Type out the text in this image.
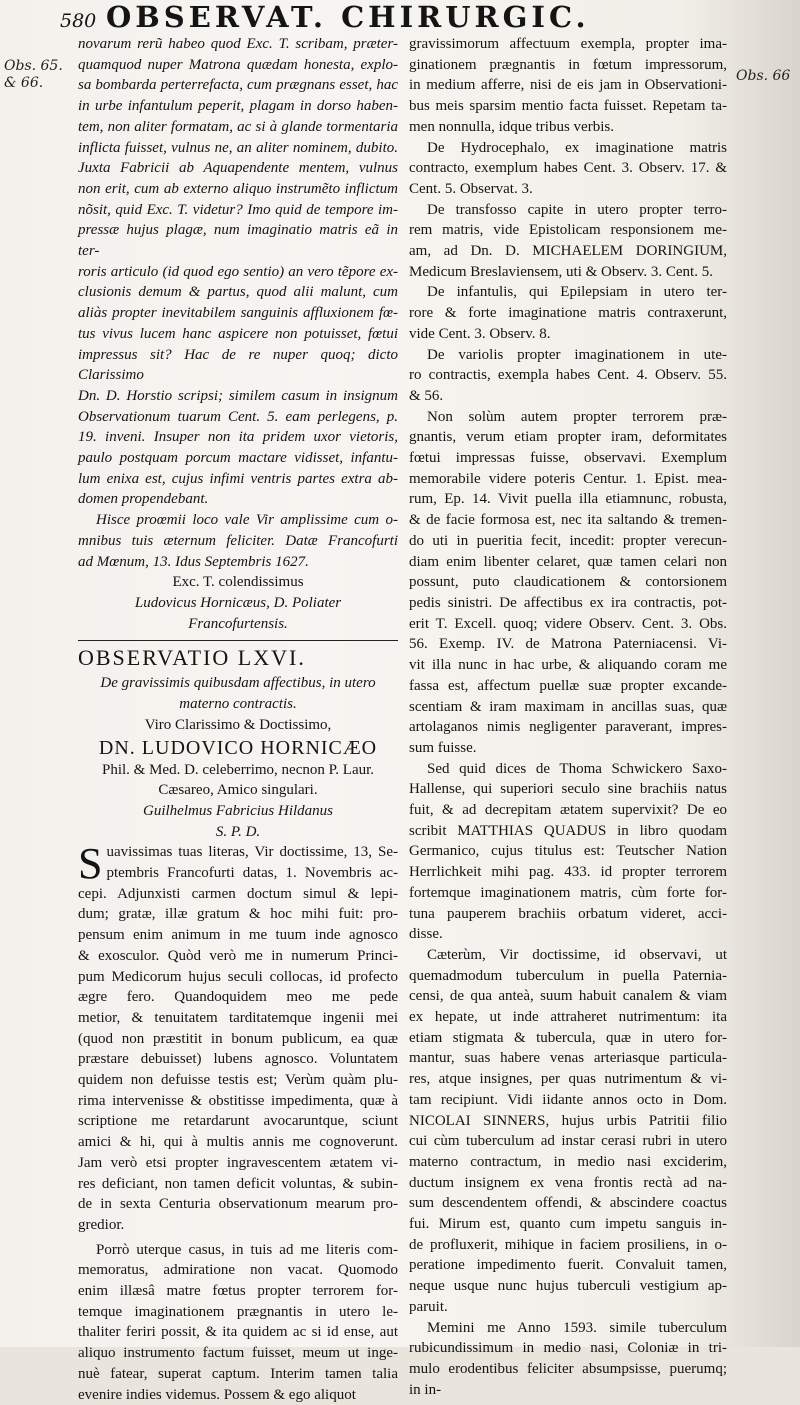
580 OBSERVAT. CHIRURGIC.
Obs. 65.
& 66.	Obs. 66

novarum rerũ habeo quod Exc. T. scribam, præter-

quamquod nuper Matrona quædam honesta, explo-

sa bombarda perterrefacta, cum prægnans esset, hac

in urbe infantulum peperit, plagam in dorso haben-

tem, non aliter formatam, ac si à glande tormentaria

inflicta fuisset, vulnus ne, an aliter nominem, dubito.

Juxta Fabricii ab Aquapendente mentem, vulnus

non erit, cum ab externo aliquo instrumẽto inflictum

nõsit, quid Exc. T. videtur? Imo quid de tempore im-

pressæ hujus plagæ, num imaginatio matris eã in ter-

roris articulo (id quod ego sentio) an vero tẽpore ex-

clusionis demum & partus, quod alii malunt, cum

aliàs propter inevitabilem sanguinis affluxionem fœ-

tus vivus lucem hanc aspicere non potuisset, fœtui

impressus sit? Hac de re nuper quoq; dicto Clarissimo

Dn. D. Horstio scripsi; similem casum in insignum

Observationum tuarum Cent. 5. eam perlegens, p.

19. inveni. Insuper non ita pridem uxor vietoris,

paulo postquam porcum mactare vidisset, infantu-

lum enixa est, cujus infimi ventris partes extra ab-

domen propendebant.

Hisce proœmii loco vale Vir amplissime cum o-

mnibus tuis æternum feliciter. Datæ Francofurti

ad Mœnum, 13. Idus Septembris 1627.

Exc. T. colendissimus

Ludovicus Hornicæus, D. Poliater

Francofurtensis.

OBSERVATIO LXVI.

De gravissimis quibusdam affectibus, in utero

materno contractis.

Viro Clarissimo & Doctissimo,

DN. LUDOVICO HORNICÆO

Phil. & Med. D. celeberrimo, necnon P. Laur.

Cæsareo, Amico singulari.

Guilhelmus Fabricius Hildanus

S. P. D.

Suavissimas tuas literas, Vir doctissime, 13, Se-

ptembris Francofurti datas, 1. Novembris ac-

cepi. Adjunxisti carmen doctum simul & lepi-

dum; gratæ, illæ gratum & hoc mihi fuit: pro-

pensum enim animum in me tuum inde agnosco

& exosculor. Quòd verò me in numerum Princi-

pum Medicorum hujus seculi collocas, id profecto

ægre fero. Quandoquidem meo me pede

metior, & tenuitatem tarditatemque ingenii mei

(quod non præstitit in bonum publicum, ea quæ

præstare debuisset) lubens agnosco. Voluntatem

quidem non defuisse testis est; Verùm quàm plu-

rima intervenisse & obstitisse impedimenta, quæ à

scriptione me retardarunt avocaruntque, sciunt

amici & hi, qui à multis annis me cognoverunt.

Jam verò etsi propter ingravescentem ætatem vi-

res deficiant, non tamen deficit voluntas, & subin-

de in sexta Centuria observationum mearum pro-

gredior.

Porrò uterque casus, in tuis ad me literis com-

memoratus, admiratione non vacat. Quomodo

enim illæsâ matre fœtus propter terrorem for-

temque imaginationem prægnantis in utero le-

thaliter feriri possit, & ita quidem ac si id ense, aut

aliquo instrumento factum fuisset, meum ut inge-

nuè fatear, superat captum. Interim tamen talia

evenire indies videmus. Possem & ego aliquot

gravissimorum affectuum exempla, propter ima-

ginationem prægnantis in fœtum impressorum,

in medium afferre, nisi de eis jam in Observationi-

bus meis sparsim mentio facta fuisset. Repetam ta-

men nonnulla, idque tribus verbis.

De Hydrocephalo, ex imaginatione matris

contracto, exemplum habes Cent. 3. Observ. 17. &

Cent. 5. Observat. 3.

De transfosso capite in utero propter terro-

rem matris, vide Epistolicam responsionem me-

am, ad Dn. D. MICHAELEM DORINGIUM,

Medicum Breslaviensem, uti & Observ. 3. Cent. 5.

De infantulis, qui Epilepsiam in utero ter-

rore & forte imaginatione matris contraxerunt,

vide Cent. 3. Observ. 8.

De variolis propter imaginationem in ute-

ro contractis, exempla habes Cent. 4. Observ. 55.

& 56.

Non solùm autem propter terrorem præ-

gnantis, verum etiam propter iram, deformitates

fœtui impressas fuisse, observavi. Exemplum

memorabile videre poteris Centur. 1. Epist. mea-

rum, Ep. 14. Vivit puella illa etiamnunc, robusta,

& de facie formosa est, nec ita saltando & tremen-

do uti in pueritia fecit, incedit: propter verecun-

diam enim libenter celaret, quæ tamen celari non

possunt, puto claudicationem & contorsionem

pedis sinistri. De affectibus ex ira contractis, pot-

erit T. Excell. quoq; videre Observ. Cent. 3. Obs.

56. Exemp. IV. de Matrona Paterniacensi. Vi-

vit illa nunc in hac urbe, & aliquando coram me

fassa est, affectum puellæ suæ propter excande-

scentiam & iram maximam in ancillas suas, quæ

artolaganos nimis negligenter paraverant, impres-

sum fuisse.

Sed quid dices de Thoma Schwickero Saxo-

Hallense, qui superiori seculo sine brachiis natus

fuit, & ad decrepitam ætatem supervixit? De eo

scribit MATTHIAS QUADUS in libro quodam

Germanico, cujus titulus est: Teutscher Nation

Herrlichkeit mihi pag. 433. id propter terrorem

fortemque imaginationem matris, cùm forte for-

tuna pauperem brachiis orbatum videret, acci-

disse.

Cæterùm, Vir doctissime, id observavi, ut

quemadmodum tuberculum in puella Paternia-

censi, de qua anteà, suum habuit canalem & viam

ex hepate, ut inde attraheret nutrimentum: ita

etiam stigmata & tubercula, quæ in utero for-

mantur, suas habere venas arteriasque particula-

res, atque insignes, per quas nutrimentum & vi-

tam recipiunt. Vidi iidante annos octo in Dom.

NICOLAI SINNERS, hujus urbis Patritii filio

cui cùm tuberculum ad instar cerasi rubri in utero

materno contractum, in medio nasi exciderim,

ductum insignem ex vena frontis rectà ad na-

sum descendentem offendi, & abscindere coactus

fui. Mirum est, quanto cum impetu sanguis in-

de profluxerit, mihique in faciem prosiliens, in o-

peratione impedimento fuerit. Convaluit tamen,

neque usque nunc hujus tuberculi vestigium ap-

paruit.

Memini me Anno 1593. simile tuberculum

rubicundissimum in medio nasi, Coloniæ in tri-

mulo erodentibus feliciter absumpsisse, puerumq;

in in-
